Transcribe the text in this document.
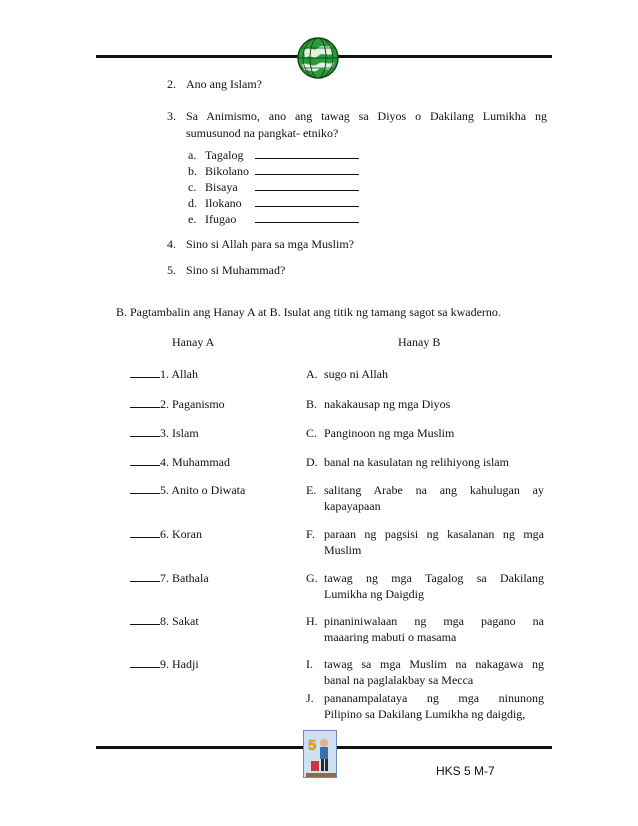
2. Ano ang Islam?
3. Sa Animismo, ano ang tawag sa Diyos o Dakilang Lumikha ng
sumusunod na pangkat- etniko?
a. Tagalog
b. Bikolano
c. Bisaya
d. Ilokano
e. Ifugao
4. Sino si Allah para sa mga Muslim?
5. Sino si Muhammad?
B. Pagtambalin ang Hanay A at B. Isulat ang titik ng tamang sagot sa kwaderno.
Hanay A	Hanay B
1. Allah
2. Paganismo
3. Islam
4. Muhammad
5. Anito o Diwata
6. Koran
7. Bathala
8. Sakat
9. Hadji
A. sugo ni Allah
B. nakakausap ng mga Diyos
C. Panginoon ng mga Muslim
D. banal na kasulatan ng relihiyong islam
E. salitang Arabe na ang kahulugan ay
kapayapaan
F. paraan ng pagsisi ng kasalanan ng mga
Muslim
G. tawag ng mga Tagalog sa Dakilang
Lumikha ng Daigdig
H. pinaniniwalaan ng mga pagano na
maaaring mabuti o masama
I. tawag sa mga Muslim na nakagawa ng
banal na paglalakbay sa Mecca
J. pananampalataya ng mga ninunong
Pilipino sa Dakilang Lumikha ng daigdig,
5
HKS 5 M-7
